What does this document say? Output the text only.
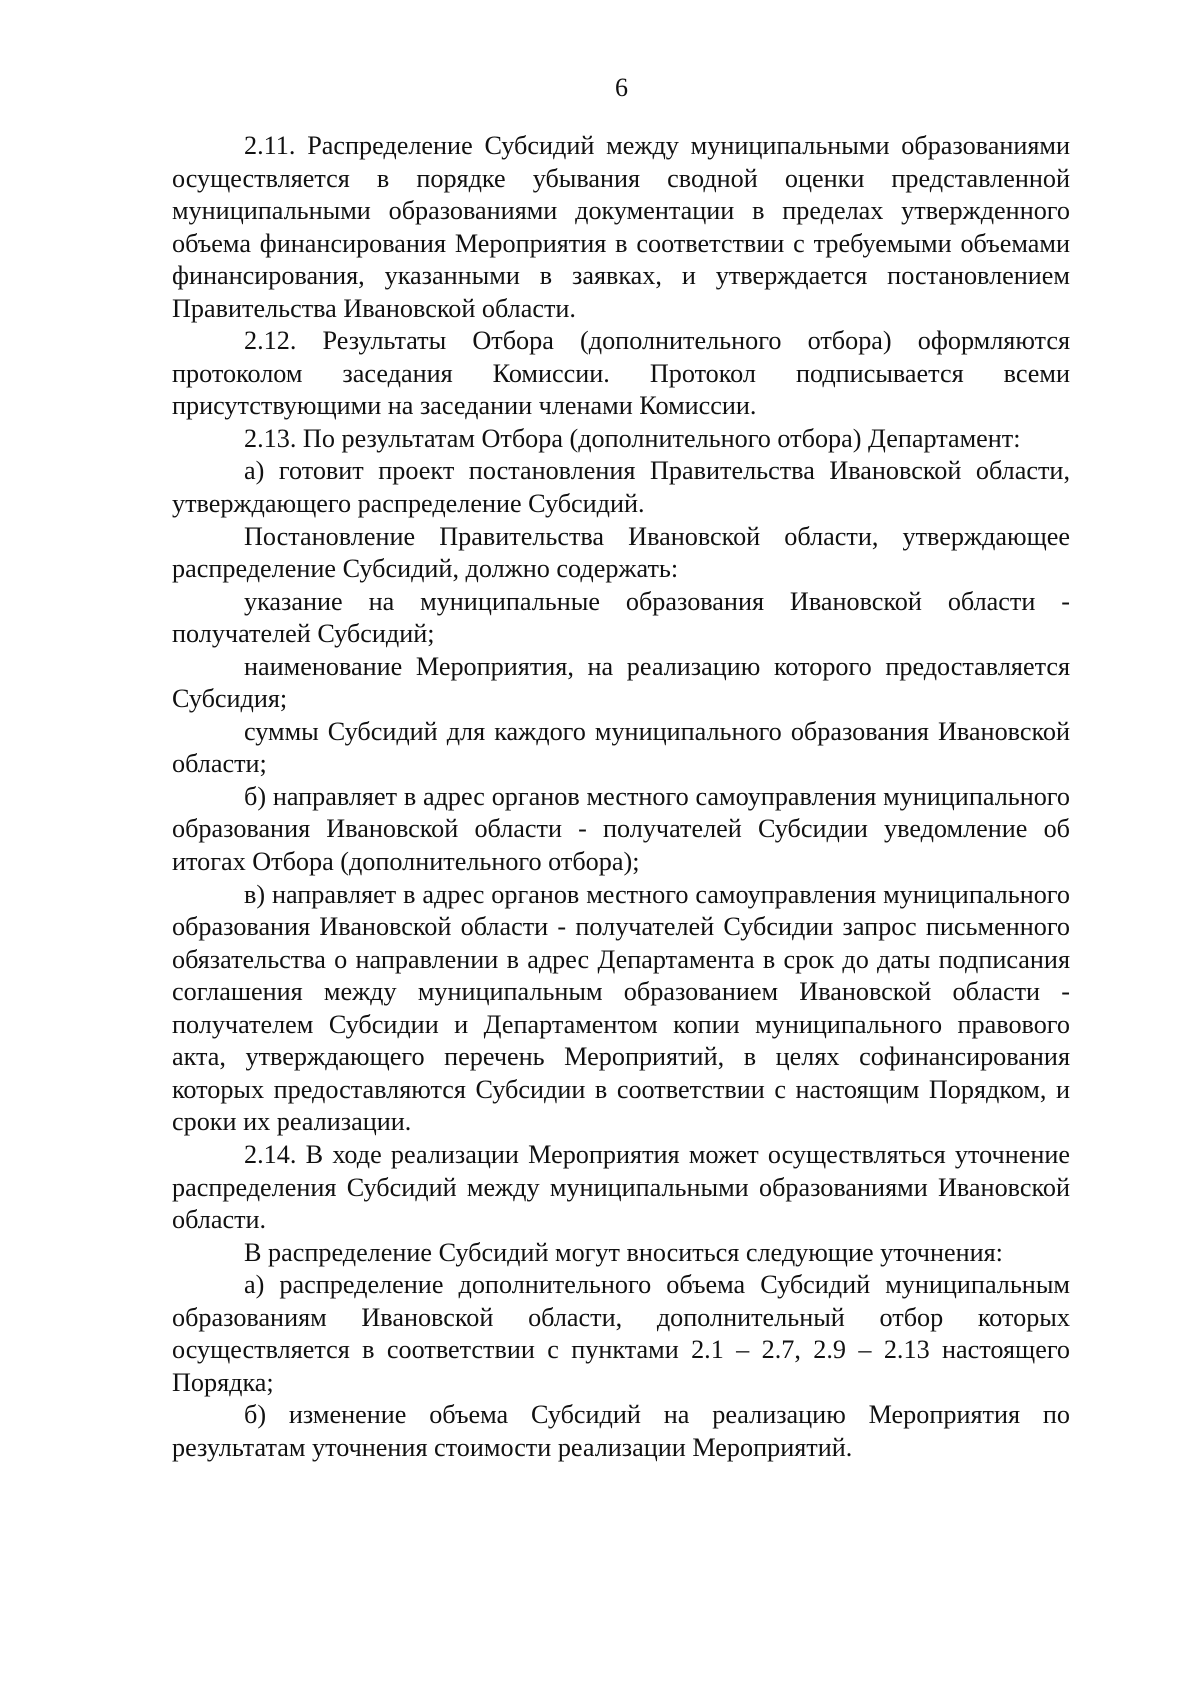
6

2.11. Распределение Субсидий между муниципальными образованиями осуществляется в порядке убывания сводной оценки представленной муниципальными образованиями документации в пределах утвержденного объема финансирования Мероприятия в соответствии с требуемыми объемами финансирования, указанными в заявках, и утверждается постановлением Правительства Ивановской области.

2.12. Результаты Отбора (дополнительного отбора) оформляются протоколом заседания Комиссии. Протокол подписывается всеми присутствующими на заседании членами Комиссии.

2.13. По результатам Отбора (дополнительного отбора) Департамент:

а) готовит проект постановления Правительства Ивановской области, утверждающего распределение Субсидий.

Постановление Правительства Ивановской области, утверждающее распределение Субсидий, должно содержать:

указание на муниципальные образования Ивановской области - получателей Субсидий;

наименование Мероприятия, на реализацию которого предоставляется Субсидия;

суммы Субсидий для каждого муниципального образования Ивановской области;

б) направляет в адрес органов местного самоуправления муниципального образования Ивановской области - получателей Субсидии уведомление об итогах Отбора (дополнительного отбора);

в) направляет в адрес органов местного самоуправления муниципального образования Ивановской области - получателей Субсидии запрос письменного обязательства о направлении в адрес Департамента в срок до даты подписания соглашения между муниципальным образованием Ивановской области - получателем Субсидии и Департаментом копии муниципального правового акта, утверждающего перечень Мероприятий, в целях софинансирования которых предоставляются Субсидии в соответствии с настоящим Порядком, и сроки их реализации.

2.14. В ходе реализации Мероприятия может осуществляться уточнение распределения Субсидий между муниципальными образованиями Ивановской области.

В распределение Субсидий могут вноситься следующие уточнения:

а) распределение дополнительного объема Субсидий муниципальным образованиям Ивановской области, дополнительный отбор которых осуществляется в соответствии с пунктами 2.1 – 2.7, 2.9 – 2.13 настоящего Порядка;

б) изменение объема Субсидий на реализацию Мероприятия по результатам уточнения стоимости реализации Мероприятий.
